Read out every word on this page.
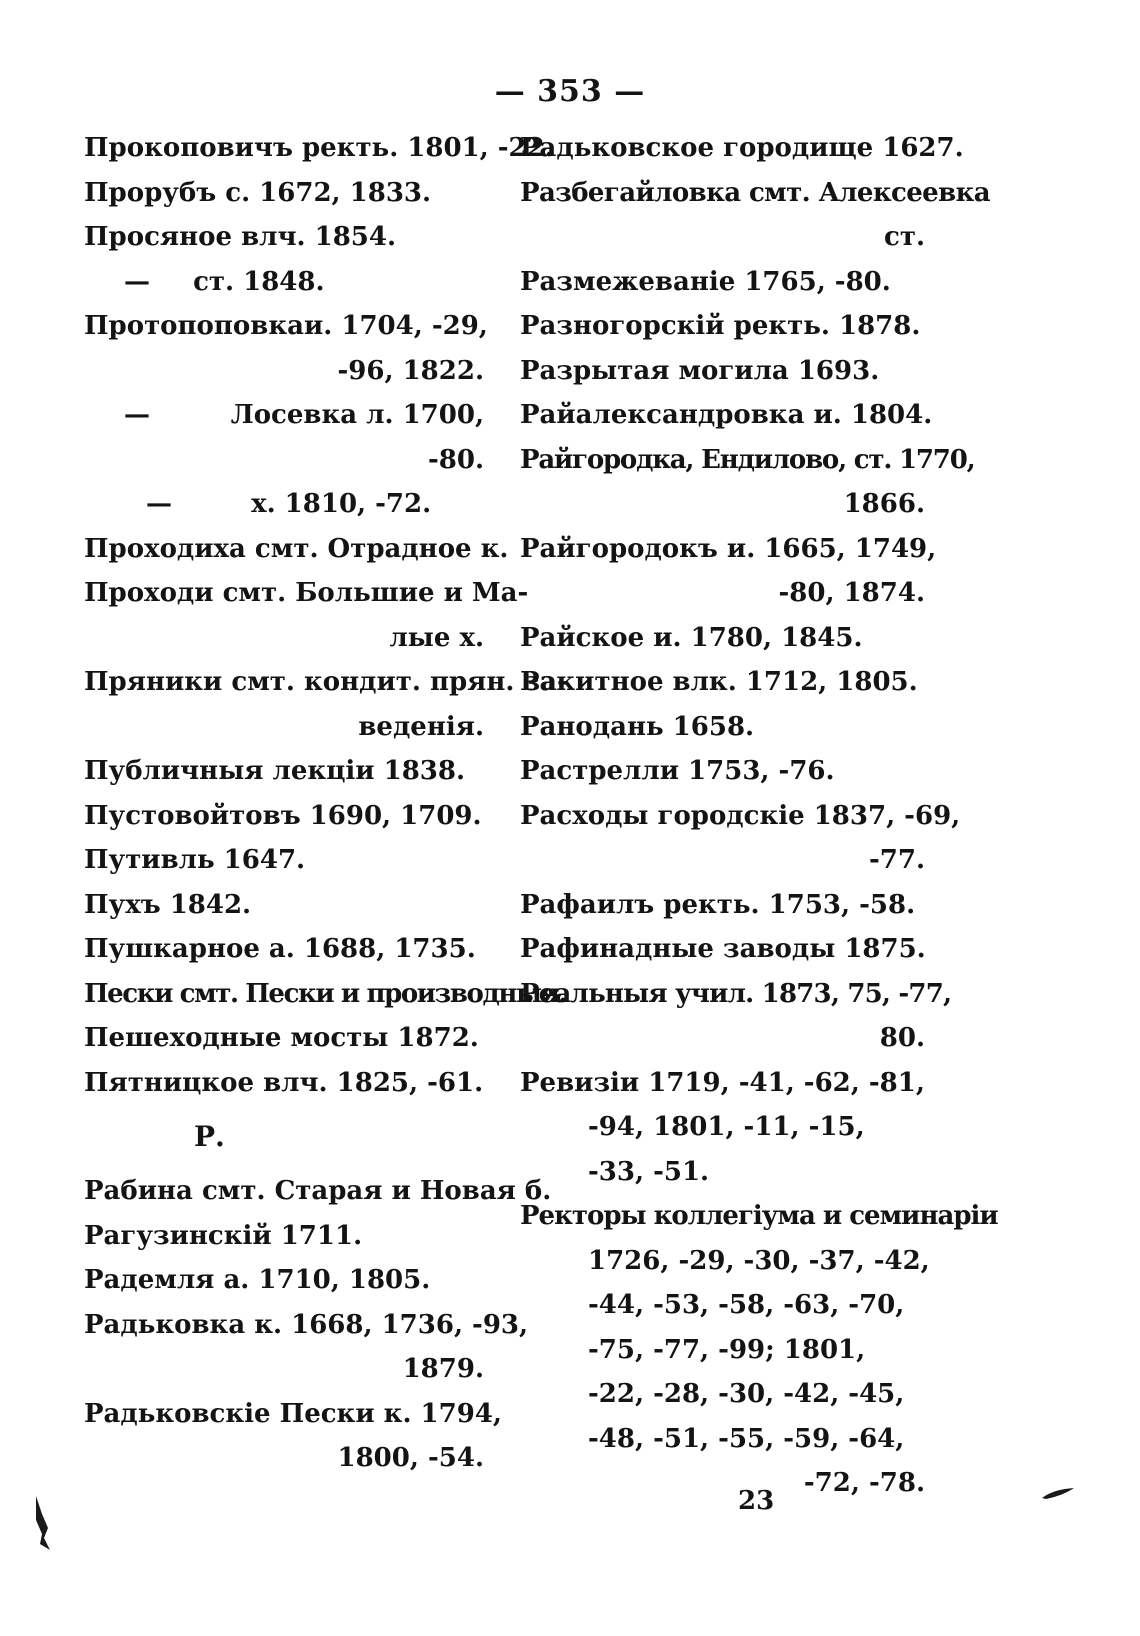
— 353 —
Прокоповичъ ректь. 1801, -22.
Прорубъ с. 1672, 1833.
Просяное влч. 1854.
— ст. 1848.
Протопоповка и. 1704, -29,
-96, 1822.
—	Лосевка л. 1700,
-80.
—	х. 1810, -72.
Проходиха смт. Отрадное к.
Проходи смт. Большие и Ма-
лые х.
Пряники смт. кондит. прян. за-
веденія.
Публичныя лекціи 1838.
Пустовойтовъ 1690, 1709.
Путивль 1647.
Пухъ 1842.
Пушкарное а. 1688, 1735.
Пески смт. Пески и производныя.
Пешеходные мосты 1872.
Пятницкое влч. 1825, -61.
Р.
Рабина смт. Старая и Новая б.
Рагузинскій 1711.
Радемля а. 1710, 1805.
Радьковка к. 1668, 1736, -93,
1879.
Радьковскіе Пески к. 1794,
1800, -54.
Радьковское городище 1627.
Разбегайловка смт. Алексеевка
ст.
Размежеваніе 1765, -80.
Разногорскій ректь. 1878.
Разрытая могила 1693.
Райалександровка и. 1804.
Райгородка, Ендилово, ст. 1770,
1866.
Райгородокъ и. 1665, 1749,
-80, 1874.
Райское и. 1780, 1845.
Ракитное влк. 1712, 1805.
Ранодань 1658.
Растрелли 1753, -76.
Расходы городскіе 1837, -69,
-77.
Рафаилъ ректь. 1753, -58.
Рафинадные заводы 1875.
Реальныя учил. 1873, 75, -77,
80.
Ревизіи 1719, -41, -62, -81,
-94, 1801, -11, -15,
-33, -51.
Ректоры коллегіума и семинаріи
1726, -29, -30, -37, -42,
-44, -53, -58, -63, -70,
-75, -77, -99; 1801,
-22, -28, -30, -42, -45,
-48, -51, -55, -59, -64,
-72, -78.
23
